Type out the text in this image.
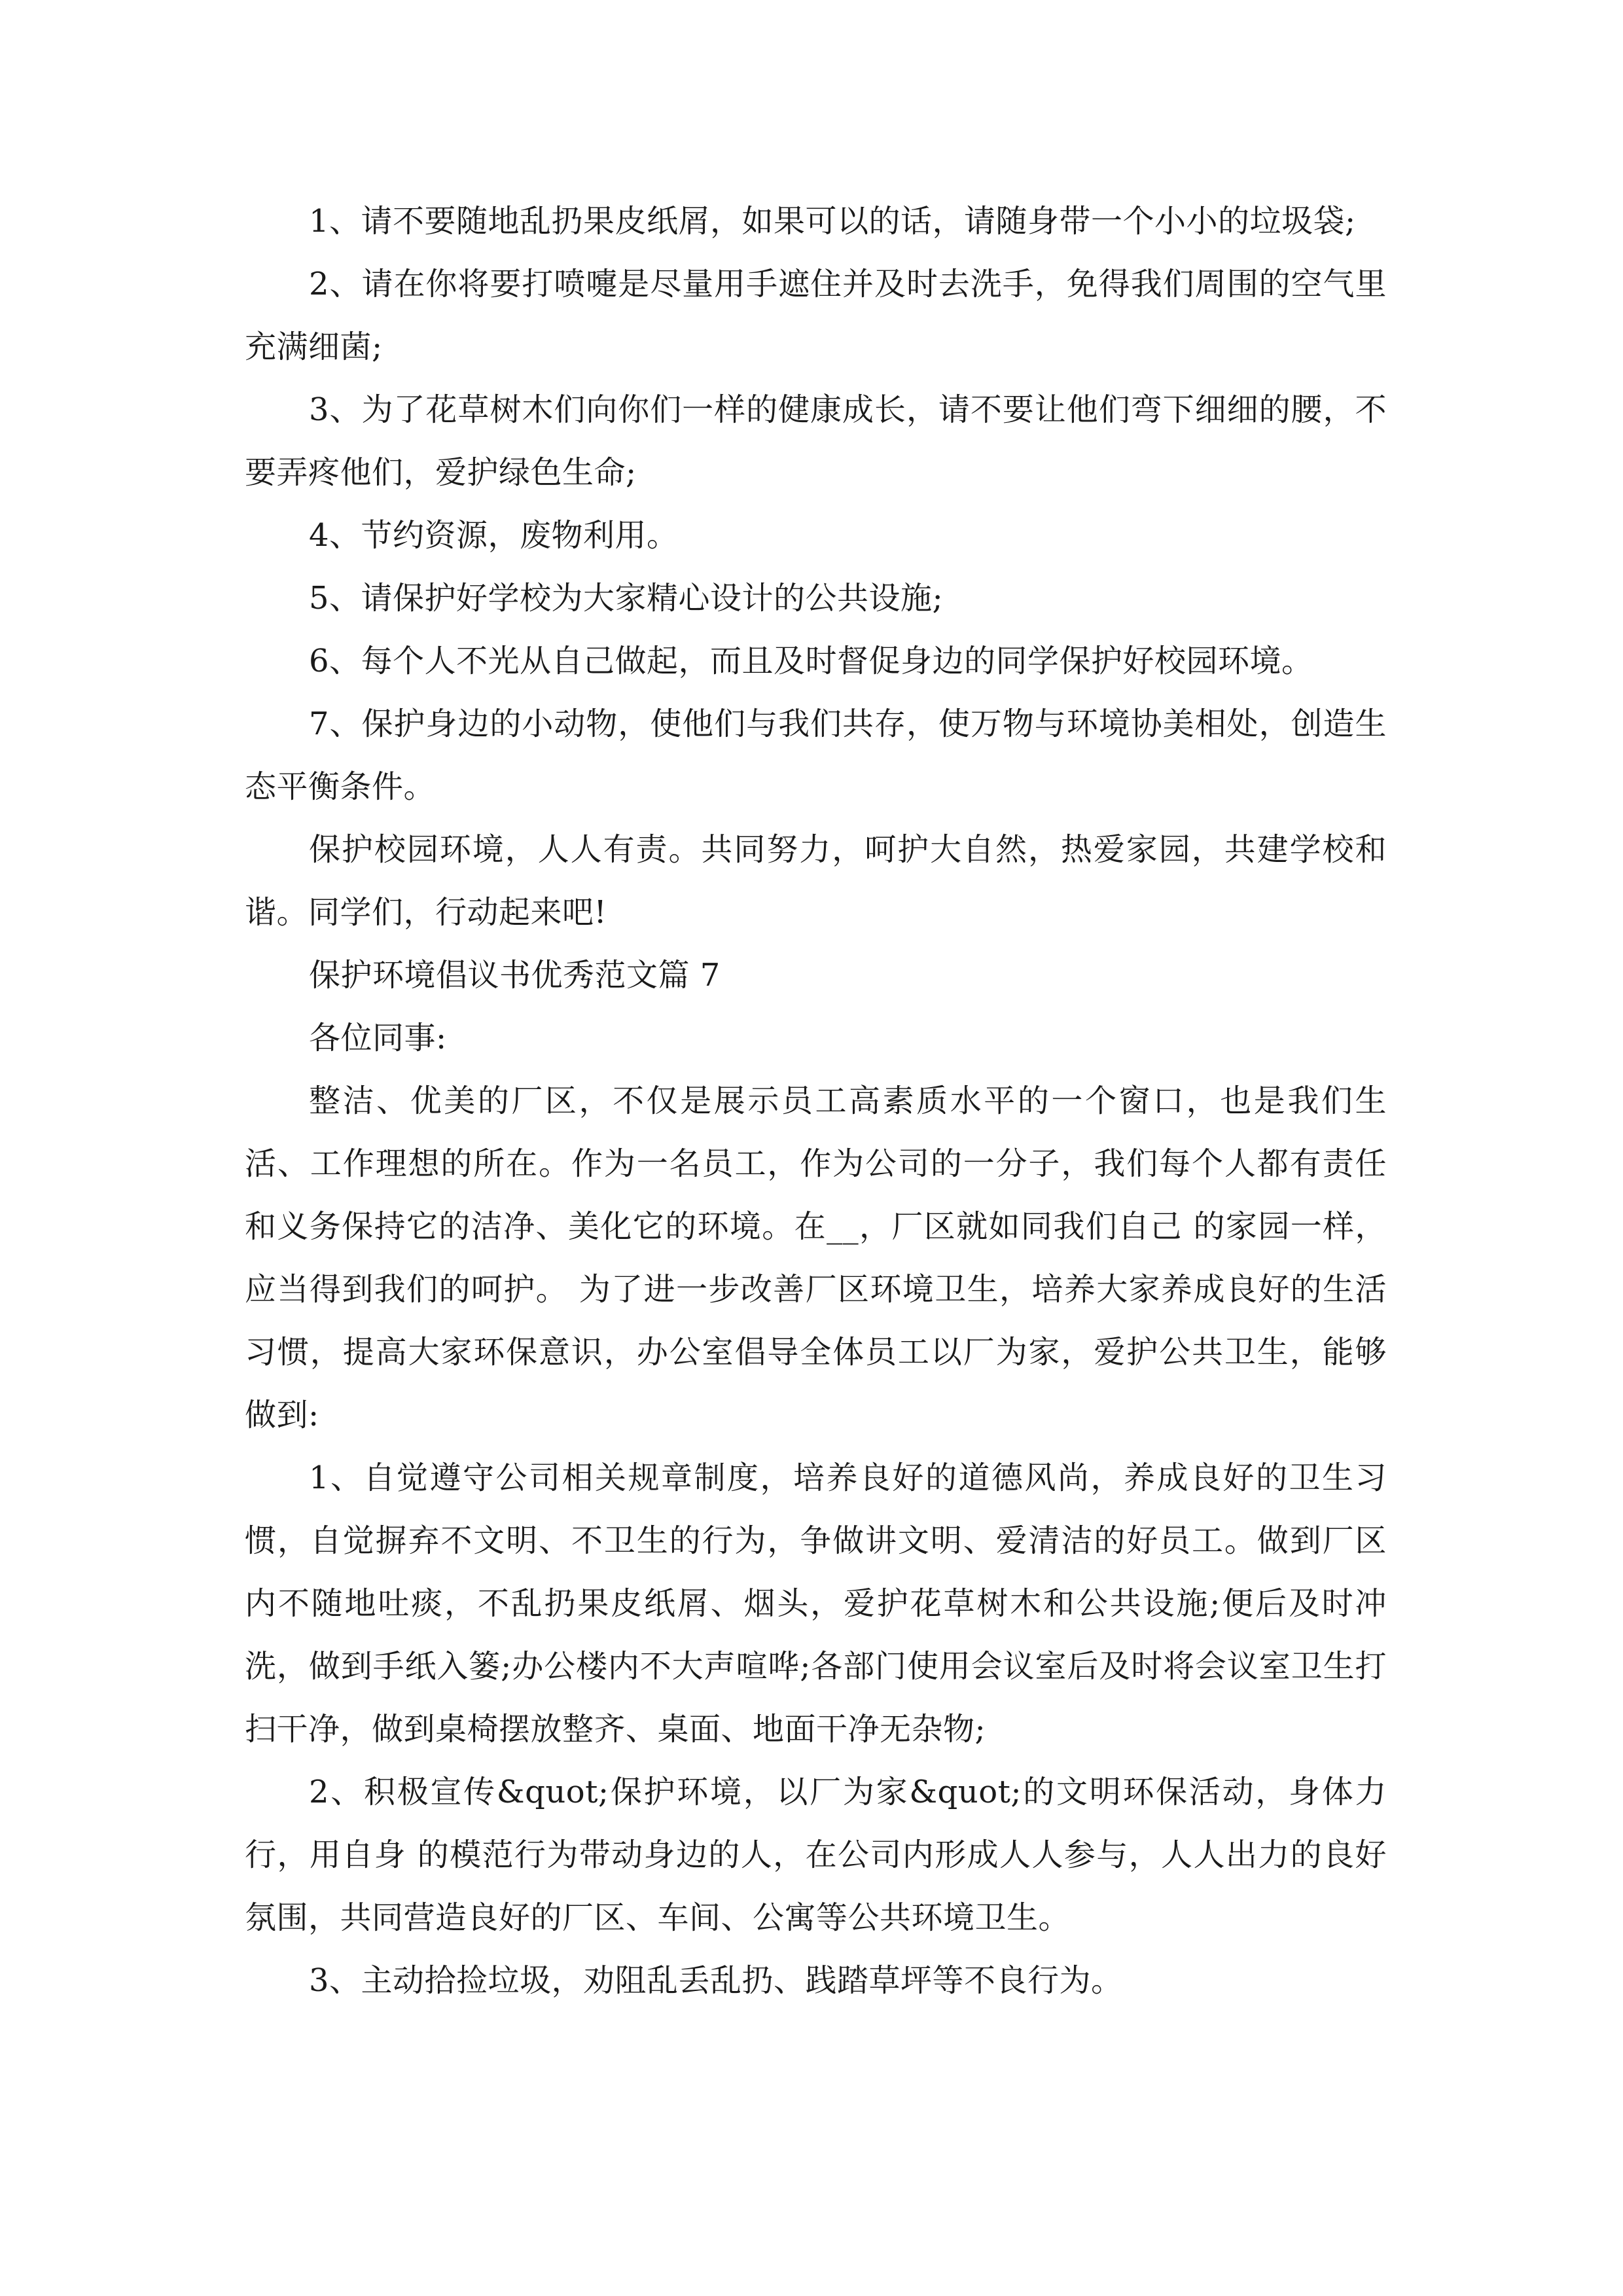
1、请不要随地乱扔果皮纸屑，如果可以的话，请随身带一个小小的垃圾袋;

2、请在你将要打喷嚏是尽量用手遮住并及时去洗手，免得我们周围的空气里充满细菌;

3、为了花草树木们向你们一样的健康成长，请不要让他们弯下细细的腰，不要弄疼他们，爱护绿色生命;

4、节约资源，废物利用。

5、请保护好学校为大家精心设计的公共设施;

6、每个人不光从自己做起，而且及时督促身边的同学保护好校园环境。

7、保护身边的小动物，使他们与我们共存，使万物与环境协美相处，创造生态平衡条件。

保护校园环境，人人有责。共同努力，呵护大自然，热爱家园，共建学校和谐。同学们，行动起来吧!

保护环境倡议书优秀范文篇 7

各位同事:

整洁、优美的厂区，不仅是展示员工高素质水平的一个窗口，也是我们生活、工作理想的所在。作为一名员工，作为公司的一分子，我们每个人都有责任和义务保持它的洁净、美化它的环境。在__，厂区就如同我们自己 的家园一样，应当得到我们的呵护。 为了进一步改善厂区环境卫生，培养大家养成良好的生活习惯，提高大家环保意识，办公室倡导全体员工以厂为家，爱护公共卫生，能够做到:

1、自觉遵守公司相关规章制度，培养良好的道德风尚，养成良好的卫生习惯，自觉摒弃不文明、不卫生的行为，争做讲文明、爱清洁的好员工。做到厂区内不随地吐痰，不乱扔果皮纸屑、烟头，爱护花草树木和公共设施;便后及时冲洗，做到手纸入篓;办公楼内不大声喧哗;各部门使用会议室后及时将会议室卫生打扫干净，做到桌椅摆放整齐、桌面、地面干净无杂物;

2、积极宣传&quot;保护环境，以厂为家&quot;的文明环保活动，身体力行，用自身 的模范行为带动身边的人，在公司内形成人人参与，人人出力的良好氛围，共同营造良好的厂区、车间、公寓等公共环境卫生。

3、主动拾捡垃圾，劝阻乱丢乱扔、践踏草坪等不良行为。
